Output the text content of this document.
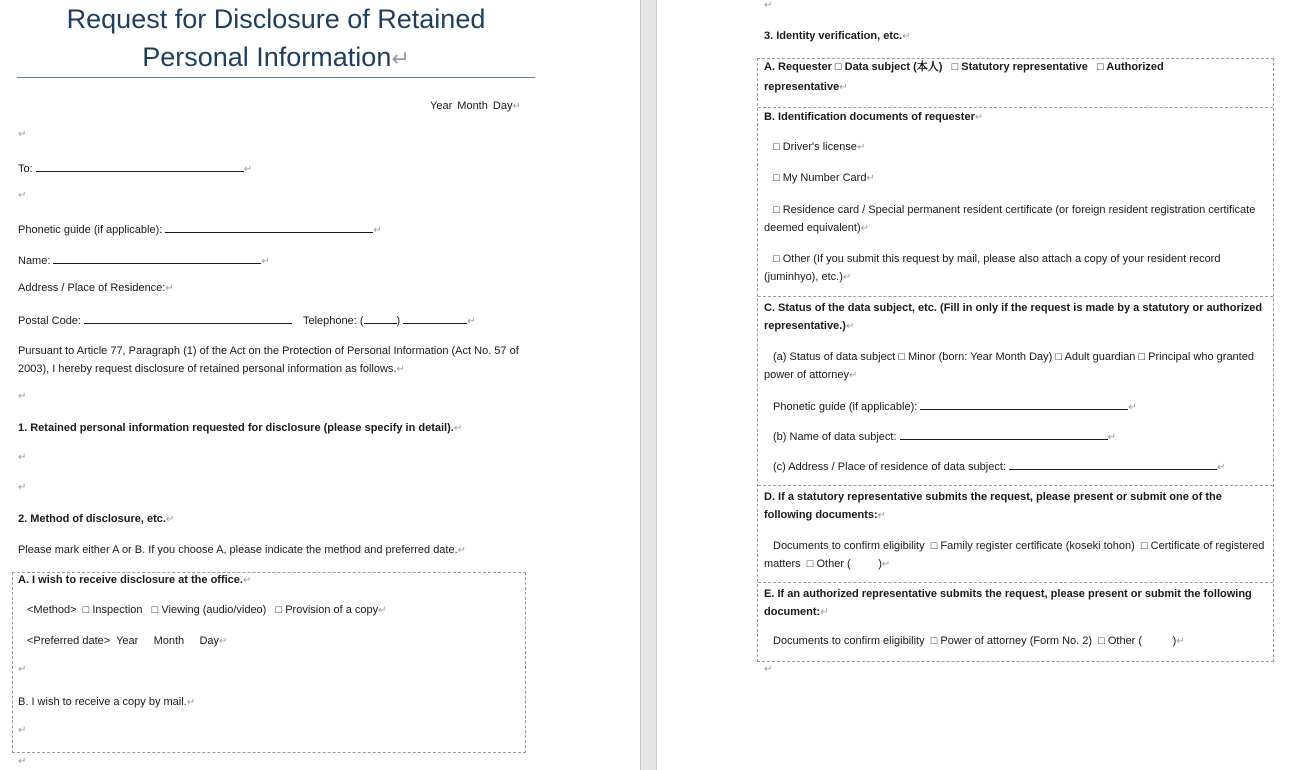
Request for Disclosure of Retained
Personal Information↵
Year Month Day↵
↵
To:	↵
↵
Phonetic guide (if applicable):	↵
Name:	↵
Address / Place of Residence:↵
Postal Code:	Telephone: (	)	↵
Pursuant to Article 77, Paragraph (1) of the Act on the Protection of Personal Information (Act No. 57 of 2003), I hereby request disclosure of retained personal information as follows.↵
↵
1. Retained personal information requested for disclosure (please specify in detail).↵
↵
↵
2. Method of disclosure, etc.↵
Please mark either A or B. If you choose A, please indicate the method and preferred date.↵
A. I wish to receive disclosure at the office.↵
<Method>  □ Inspection   □ Viewing (audio/video)   □ Provision of a copy↵
<Preferred date>  Year     Month     Day↵
↵
B. I wish to receive a copy by mail.↵
↵
↵
↵
3. Identity verification, etc.↵
A. Requester □ Data subject (本人)   □ Statutory representative   □ Authorized
representative↵
B. Identification documents of requester↵
□ Driver's license↵
□ My Number Card↵
□ Residence card / Special permanent resident certificate (or foreign resident registration certificate deemed equivalent)↵
□ Other (If you submit this request by mail, please also attach a copy of your resident record (juminhyo), etc.)↵
C. Status of the data subject, etc. (Fill in only if the request is made by a statutory or authorized representative.)↵
(a) Status of data subject □ Minor (born: Year Month Day) □ Adult guardian □ Principal who granted power of attorney↵
Phonetic guide (if applicable):	↵
(b) Name of data subject:	↵
(c) Address / Place of residence of data subject:	↵
D. If a statutory representative submits the request, please present or submit one of the following documents:↵
Documents to confirm eligibility  □ Family register certificate (koseki tohon)  □ Certificate of registered matters  □ Other (         )↵
E. If an authorized representative submits the request, please present or submit the following document:↵
Documents to confirm eligibility  □ Power of attorney (Form No. 2)  □ Other (          )↵
↵
